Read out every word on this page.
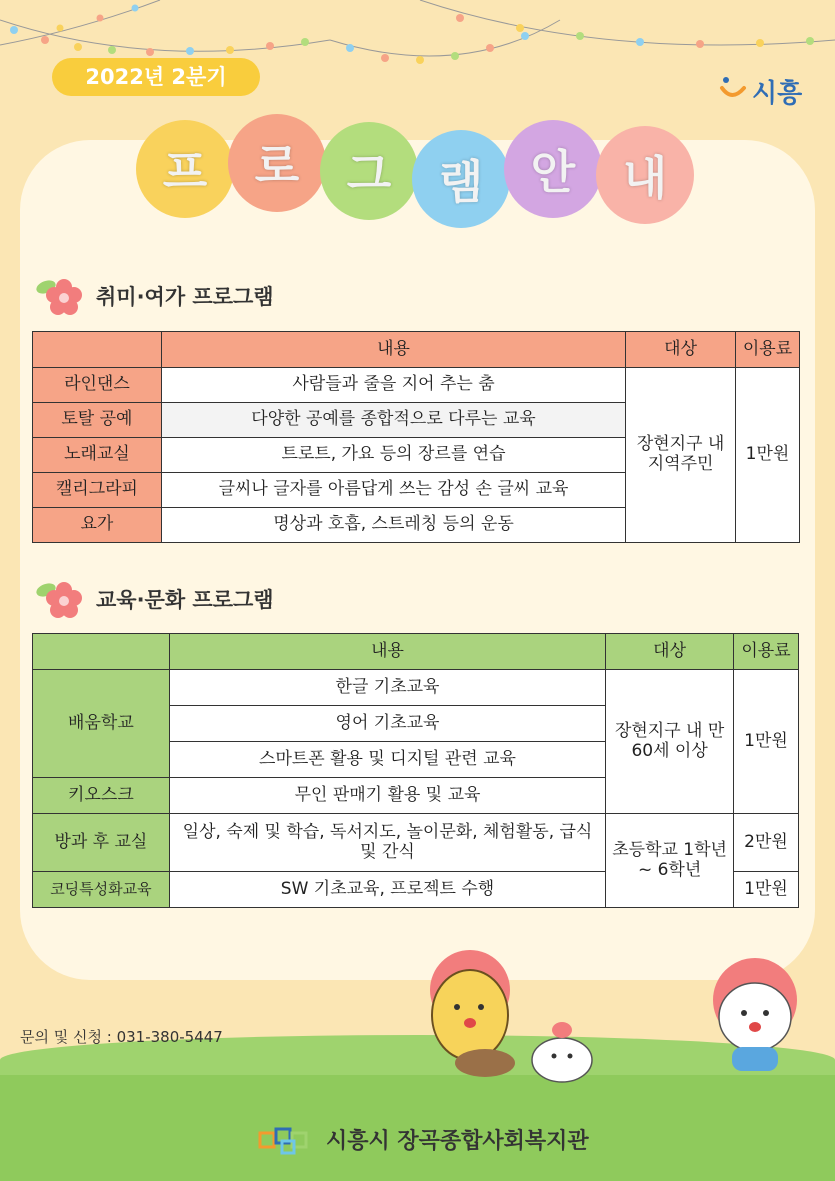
2022년 2분기
시흥
프 로 그 램 안 내
취미·여가 프로그램
	내용	대상	이용료
라인댄스	사람들과 줄을 지어 추는 춤	장현지구 내 지역주민	1만원
토탈 공예	다양한 공예를 종합적으로 다루는 교육		
노래교실	트로트, 가요 등의 장르를 연습		
캘리그라피	글씨나 글자를 아름답게 쓰는 감성 손 글씨 교육		
요가	명상과 호흡, 스트레칭 등의 운동		
교육·문화 프로그램
	내용	대상	이용료
배움학교	한글 기초교육	장현지구 내 만 60세 이상	1만원
	영어 기초교육		
	스마트폰 활용 및 디지털 관련 교육		
키오스크	무인 판매기 활용 및 교육		
방과 후 교실	일상, 숙제 및 학습, 독서지도, 놀이문화, 체험활동, 급식 및 간식	초등학교 1학년 ~ 6학년	2만원
코딩특성화교육	SW 기초교육, 프로젝트 수행		1만원
문의 및 신청 : 031-380-5447
시흥시 장곡종합사회복지관
